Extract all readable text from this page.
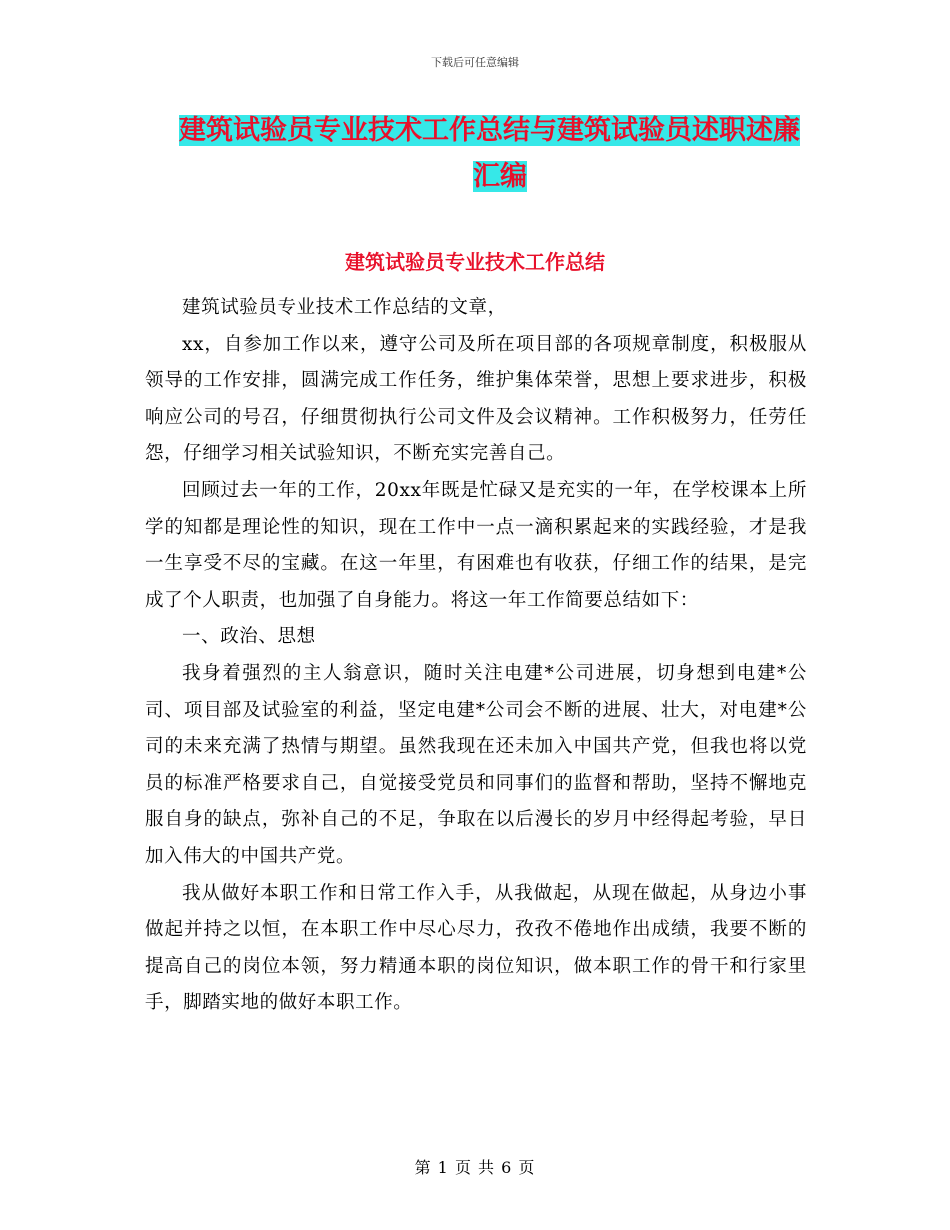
下载后可任意编辑
建筑试验员专业技术工作总结与建筑试验员述职述廉
汇编
建筑试验员专业技术工作总结

建筑试验员专业技术工作总结的文章，

xx，自参加工作以来，遵守公司及所在项目部的各项规章制度，积极服从领导的工作安排，圆满完成工作任务，维护集体荣誉，思想上要求进步，积极响应公司的号召，仔细贯彻执行公司文件及会议精神。工作积极努力，任劳任怨，仔细学习相关试验知识，不断充实完善自己。

回顾过去一年的工作，20xx年既是忙碌又是充实的一年，在学校课本上所学的知都是理论性的知识，现在工作中一点一滴积累起来的实践经验，才是我一生享受不尽的宝藏。在这一年里，有困难也有收获，仔细工作的结果，是完成了个人职责，也加强了自身能力。将这一年工作简要总结如下：

一、政治、思想

我身着强烈的主人翁意识，随时关注电建*公司进展，切身想到电建*公司、项目部及试验室的利益，坚定电建*公司会不断的进展、壮大，对电建*公司的未来充满了热情与期望。虽然我现在还未加入中国共产党，但我也将以党员的标准严格要求自己，自觉接受党员和同事们的监督和帮助，坚持不懈地克服自身的缺点，弥补自己的不足，争取在以后漫长的岁月中经得起考验，早日加入伟大的中国共产党。

我从做好本职工作和日常工作入手，从我做起，从现在做起，从身边小事做起并持之以恒，在本职工作中尽心尽力，孜孜不倦地作出成绩，我要不断的提高自己的岗位本领，努力精通本职的岗位知识，做本职工作的骨干和行家里手，脚踏实地的做好本职工作。

第 1 页 共 6 页
